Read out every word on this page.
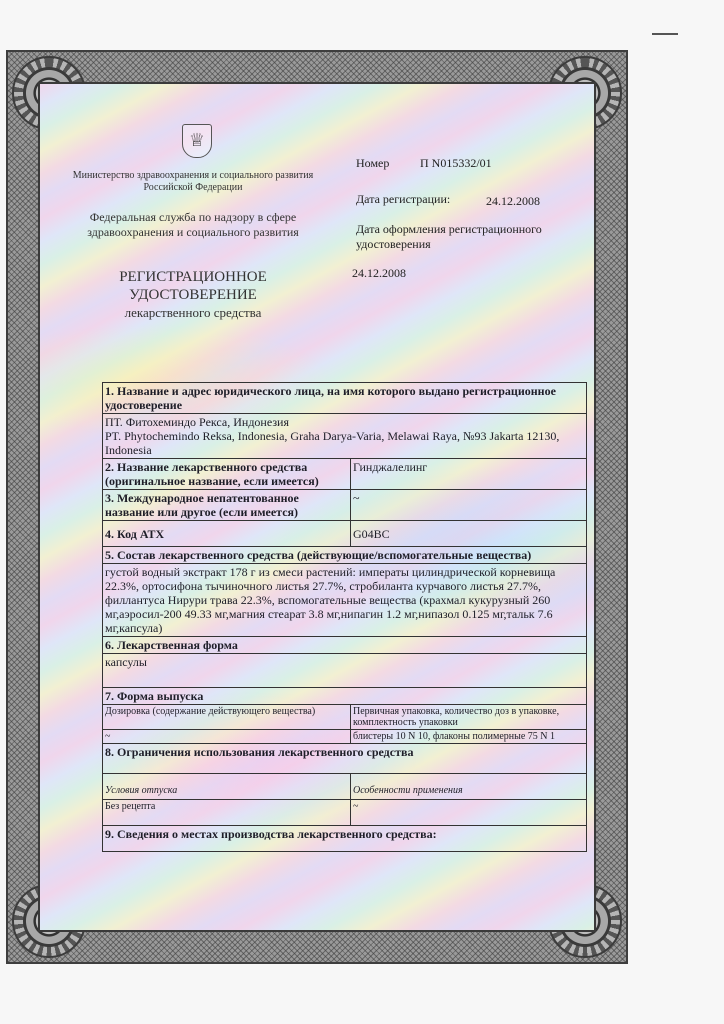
♕
Министерство здравоохранения и социального развития Российской Федерации
Федеральная служба по надзору в сфере здравоохранения и социального развития
РЕГИСТРАЦИОННОЕ
УДОСТОВЕРЕНИЕ
лекарственного средства
Номер	П N015332/01
Дата регистрации:	24.12.2008
Дата оформления регистрационного удостоверения
24.12.2008
1. Название и адрес юридического лица, на имя которого выдано регистрационное удостоверение	

ПТ. Фитохеминдо Рекса, Индонезия
PT. Phytochemindo Reksa, Indonesia, Graha Darya-Varia, Melawai Raya, №93 Jakarta 12130, Indonesia	

2. Название лекарственного средства (оригинальное название, если имеется)	Гинджалелинг
3. Международное непатентованное название или другое (если имеется)	~
4. Код АТХ	G04BC
5. Состав лекарственного средства (действующие/вспомогательные вещества)	
густой водный экстракт 178 г из смеси растений: императы цилиндрической корневища 22.3%, ортосифона тычиночного листья 27.7%, стробиланта курчавого листья 27.7%, филлантуса Нирури трава 22.3%, вспомогательные вещества (крахмал кукурузный 260 мг,аэросил-200 49.33 мг,магния стеарат 3.8 мг,нипагин 1.2 мг,нипазол 0.125 мг,тальк 7.6 мг,капсула)	
6. Лекарственная форма	
капсулы	
7. Форма выпуска	
Дозировка (содержание действующего вещества)	Первичная упаковка, количество доз в упаковке, комплектность упаковки
~	блистеры 10 N 10, флаконы полимерные 75 N 1
8. Ограничения использования лекарственного средства	
Условия отпуска	Особенности применения
Без рецепта	~
9. Сведения о местах производства лекарственного средства:	
